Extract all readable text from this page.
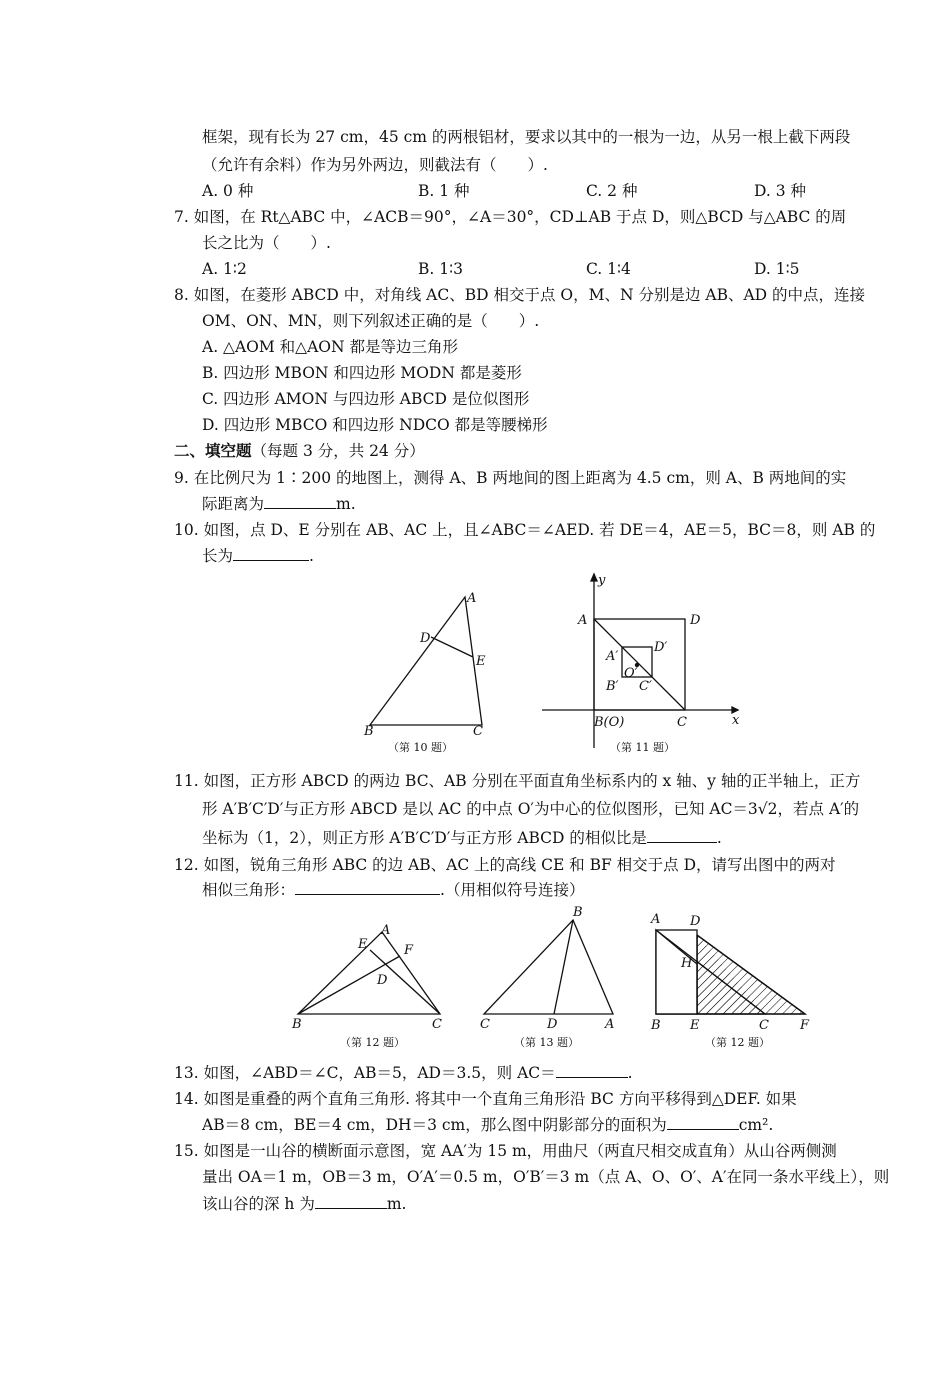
框架，现有长为 27 cm，45 cm 的两根铝材，要求以其中的一根为一边，从另一根上截下两段
（允许有余料）作为另外两边，则截法有（　　）.
A. 0 种	B. 1 种	C. 2 种	D. 3 种
7. 如图，在 Rt△ABC 中，∠ACB＝90°，∠A＝30°，CD⊥AB 于点 D，则△BCD 与△ABC 的周
长之比为（　　）.
A. 1∶2	B. 1∶3	C. 1∶4	D. 1∶5
8. 如图，在菱形 ABCD 中，对角线 AC、BD 相交于点 O，M、N 分别是边 AB、AD 的中点，连接
OM、ON、MN，则下列叙述正确的是（　　）.
A. △AOM 和△AON 都是等边三角形
B. 四边形 MBON 和四边形 MODN 都是菱形
C. 四边形 AMON 与四边形 ABCD 是位似图形
D. 四边形 MBCO 和四边形 NDCO 都是等腰梯形
二、填空题（每题 3 分，共 24 分）
9. 在比例尺为 1∶200 的地图上，测得 A、B 两地间的图上距离为 4.5 cm，则 A、B 两地间的实
际距离为	m.
10. 如图，点 D、E 分别在 AB、AC 上，且∠ABC＝∠AED. 若 DE＝4，AE＝5，BC＝8，则 AB 的
长为	.
A
D
E
B	C
（第 10 题）
y
x
A	D
A′
D′
O′
B′ C′
B(O)	C
（第 11 题）
11. 如图，正方形 ABCD 的两边 BC、AB 分别在平面直角坐标系内的 x 轴、y 轴的正半轴上，正方
形 A′B′C′D′与正方形 ABCD 是以 AC 的中点 O′为中心的位似图形，已知 AC＝3√2，若点 A′的
坐标为（1，2），则正方形 A′B′C′D′与正方形 ABCD 的相似比是	.
12. 如图，锐角三角形 ABC 的边 AB、AC 上的高线 CE 和 BF 相交于点 D，请写出图中的两对
相似三角形：	.（用相似符号连接）
A
E	F
D
B	C
（第 12 题）
B
C	D	A
（第 13 题）
A D
H
B E	C F
（第 12 题）
13. 如图，∠ABD＝∠C，AB＝5，AD＝3.5，则 AC＝	.
14. 如图是重叠的两个直角三角形. 将其中一个直角三角形沿 BC 方向平移得到△DEF. 如果
AB＝8 cm，BE＝4 cm，DH＝3 cm，那么图中阴影部分的面积为	cm².
15. 如图是一山谷的横断面示意图，宽 AA′为 15 m，用曲尺（两直尺相交成直角）从山谷两侧测
量出 OA＝1 m，OB＝3 m，O′A′＝0.5 m，O′B′＝3 m（点 A、O、O′、A′在同一条水平线上），则
该山谷的深 h 为	m.
